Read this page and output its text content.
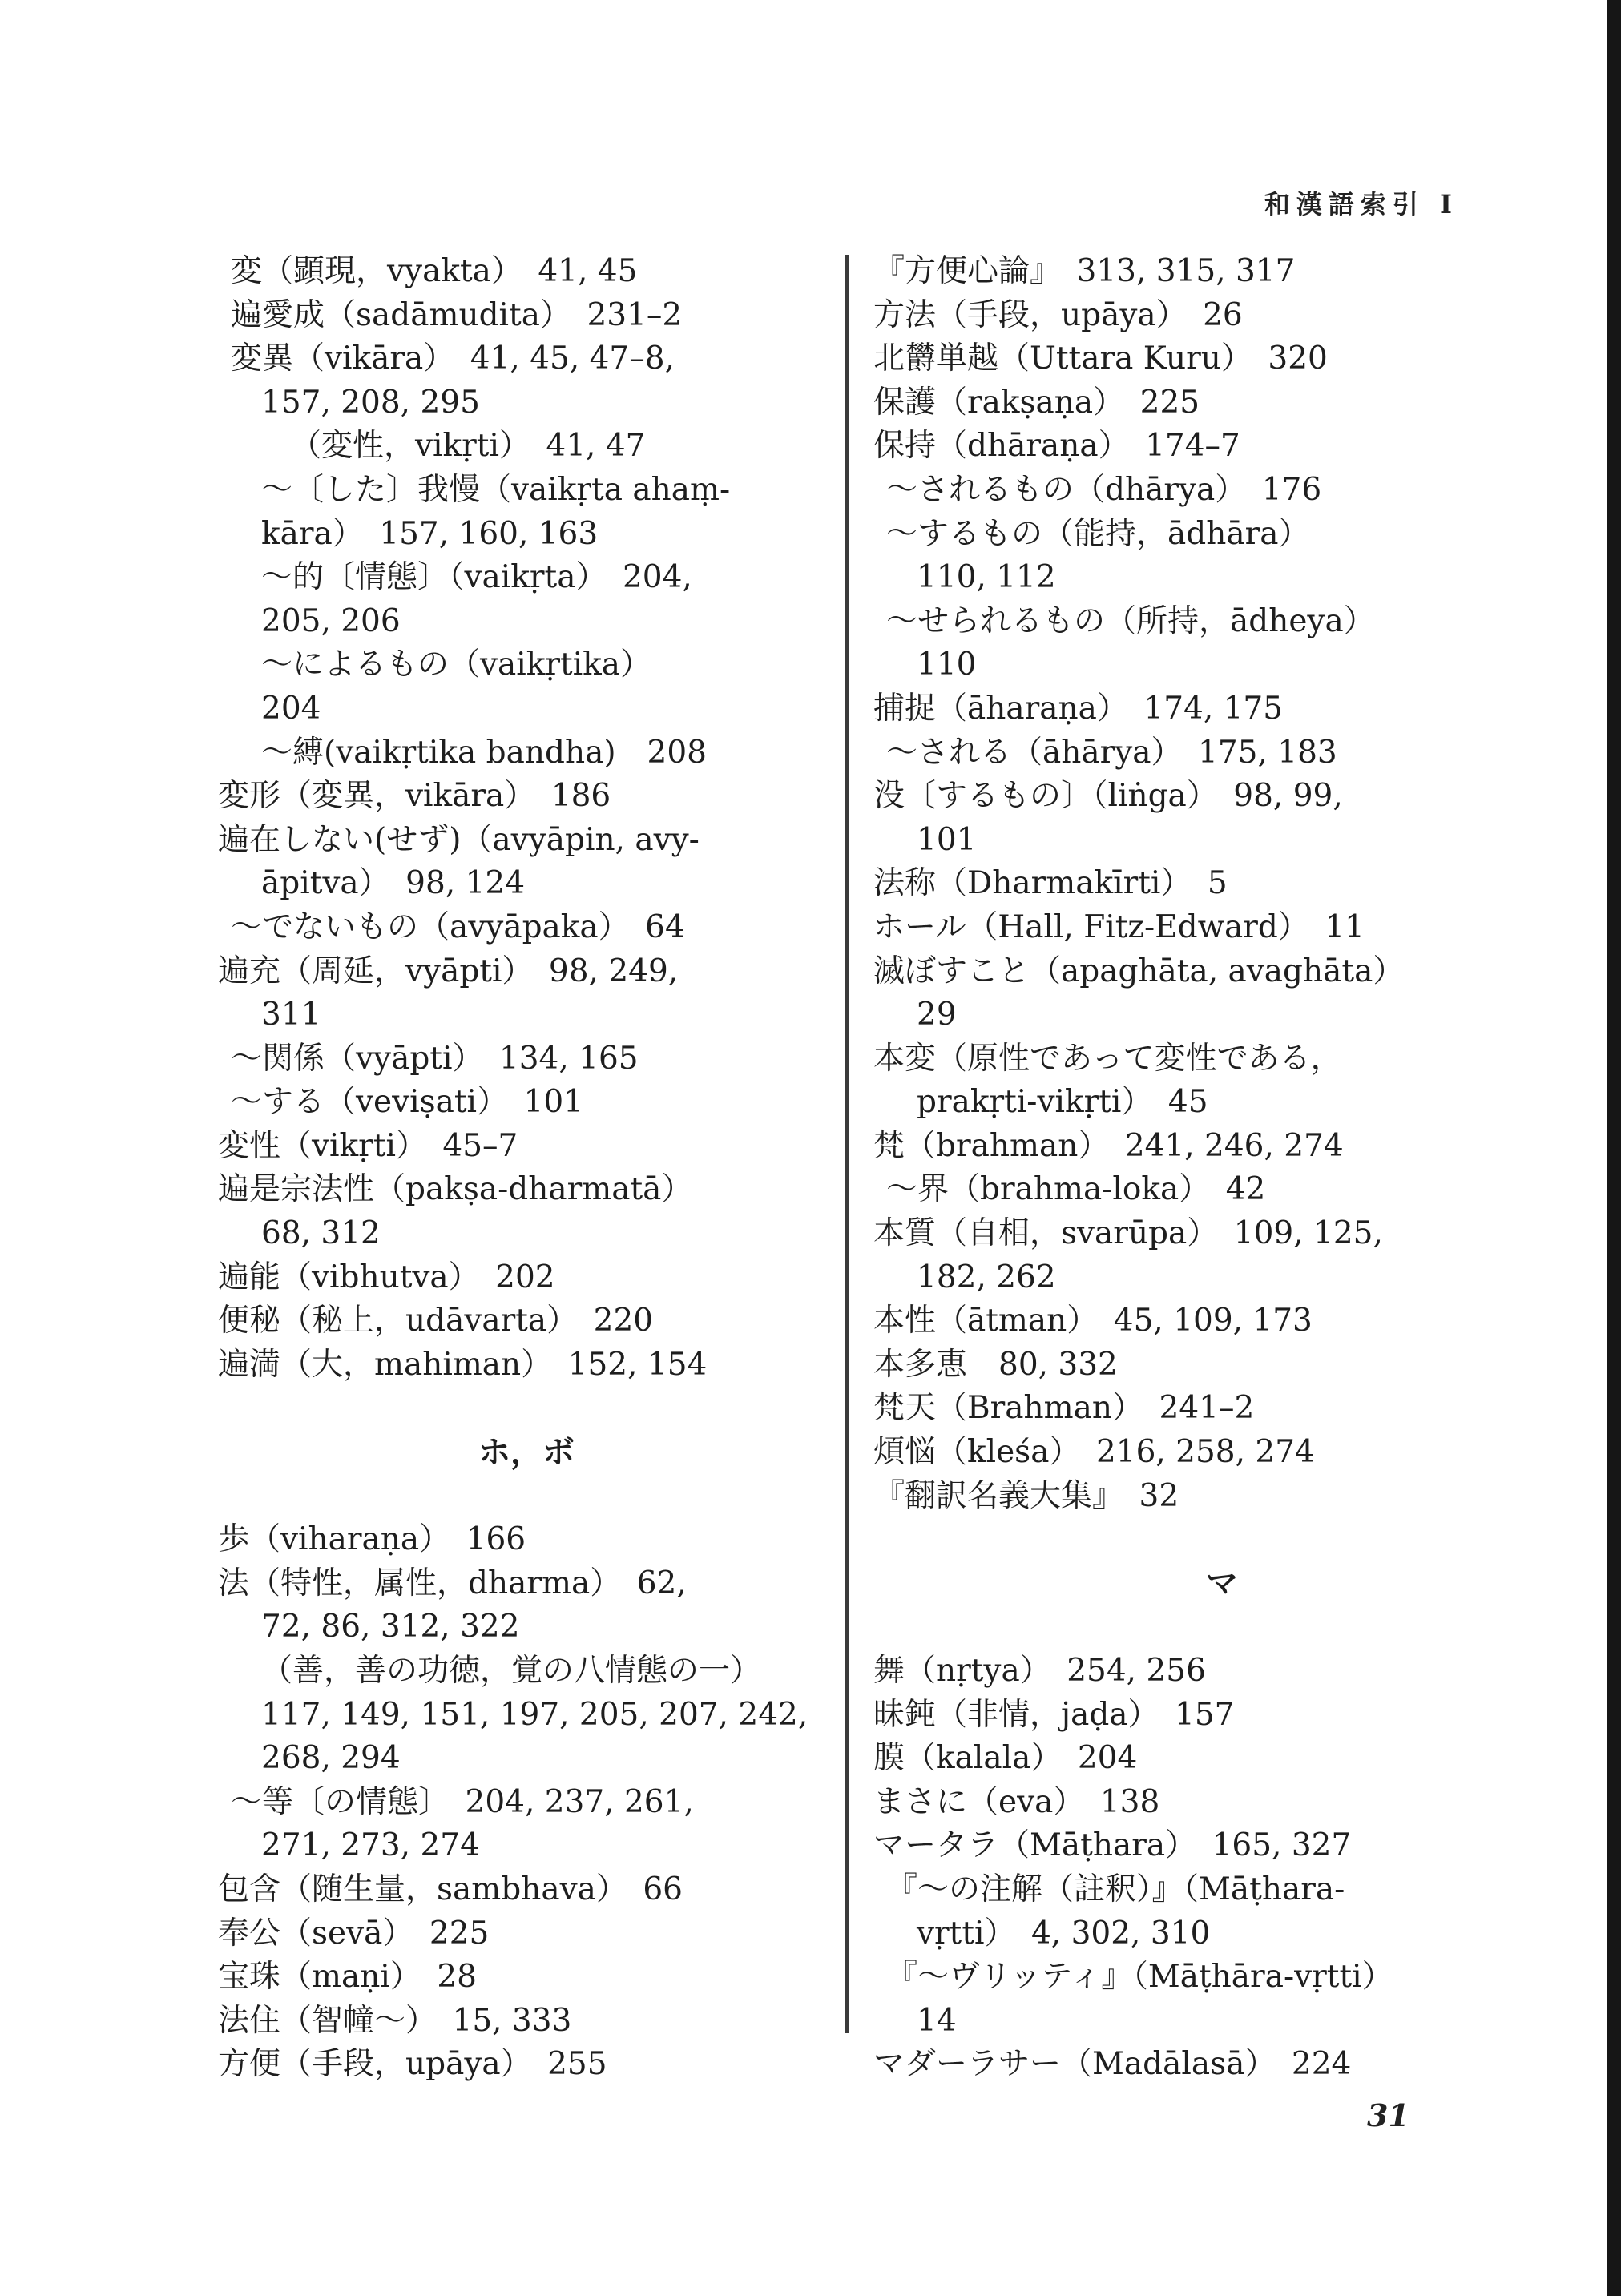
和漢語索引 I
変（顕現，vyakta）　41, 45
遍愛成（sadāmudita）　231–2
変異（vikāra）　41, 45, 47–8,
157, 208, 295
（変性，vikṛti）　41, 47
～〔した〕我慢（vaikṛta ahaṃ-
kāra）　157, 160, 163
～的〔情態〕（vaikṛta）　204,
205, 206
～によるもの（vaikṛtika）
204
～縛(vaikṛtika bandha)　208
変形（変異，vikāra）　186
遍在しない(せず)（avyāpin, avy-
āpitva）　98, 124
～でないもの（avyāpaka）　64
遍充（周延，vyāpti）　98, 249,
311
～関係（vyāpti）　134, 165
～する（veviṣati）　101
変性（vikṛti）　45–7
遍是宗法性（pakṣa-dharmatā）
68, 312
遍能（vibhutva）　202
便秘（秘上，udāvarta）　220
遍満（大，mahiman）　152, 154
ホ，ボ
歩（viharaṇa）　166
法（特性，属性，dharma）　62,
72, 86, 312, 322
（善，善の功徳，覚の八情態の一）
117, 149, 151, 197, 205, 207, 242,
268, 294
～等〔の情態〕　204, 237, 261,
271, 273, 274
包含（随生量，sambhava）　66
奉公（sevā）　225
宝珠（maṇi）　28
法住（智幢～）　15, 333
方便（手段，upāya）　255
『方便心論』　313, 315, 317
方法（手段，upāya）　26
北欝単越（Uttara Kuru）　320
保護（rakṣaṇa）　225
保持（dhāraṇa）　174–7
～されるもの（dhārya）　176
～するもの（能持，ādhāra）
110, 112
～せられるもの（所持，ādheya）
110
捕捉（āharaṇa）　174, 175
～される（āhārya）　175, 183
没〔するもの〕（liṅga）　98, 99,
101
法称（Dharmakīrti）　5
ホール（Hall, Fitz-Edward）　11
滅ぼすこと（apaghāta, avaghāta）
29
本変（原性であって変性である，
prakṛti-vikṛti）　45
梵（brahman）　241, 246, 274
～界（brahma-loka）　42
本質（自相，svarūpa）　109, 125,
182, 262
本性（ātman）　45, 109, 173
本多恵　80, 332
梵天（Brahman）　241–2
煩悩（kleśa）　216, 258, 274
『翻訳名義大集』　32
マ
舞（nṛtya）　254, 256
昧鈍（非情，jaḍa）　157
膜（kalala）　204
まさに（eva）　138
マータラ（Māṭhara）　165, 327
『～の注解（註釈）』（Māṭhara-
vṛtti）　4, 302, 310
『～ヴリッティ』（Māṭhāra-vṛtti）
14
マダーラサー（Madālasā）　224
31
